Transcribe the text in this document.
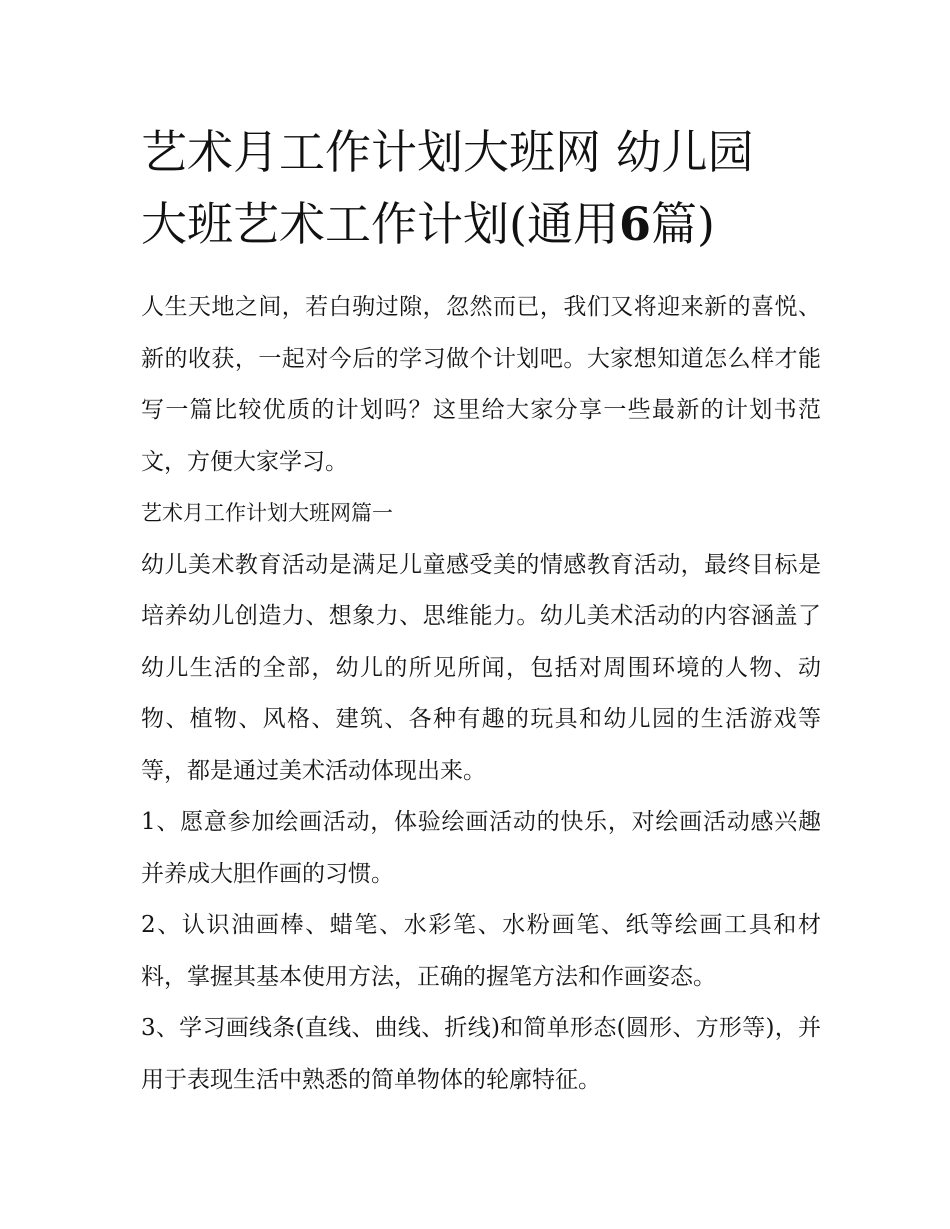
艺术月工作计划大班网 幼儿园
大班艺术工作计划(通用6篇)

人生天地之间，若白驹过隙，忽然而已，我们又将迎来新的喜悦、新的收获，一起对今后的学习做个计划吧。大家想知道怎么样才能写一篇比较优质的计划吗？这里给大家分享一些最新的计划书范文，方便大家学习。

艺术月工作计划大班网篇一

幼儿美术教育活动是满足儿童感受美的情感教育活动，最终目标是培养幼儿创造力、想象力、思维能力。幼儿美术活动的内容涵盖了幼儿生活的全部，幼儿的所见所闻，包括对周围环境的人物、动物、植物、风格、建筑、各种有趣的玩具和幼儿园的生活游戏等等，都是通过美术活动体现出来。

1、愿意参加绘画活动，体验绘画活动的快乐，对绘画活动感兴趣并养成大胆作画的习惯。

2、认识油画棒、蜡笔、水彩笔、水粉画笔、纸等绘画工具和材料，掌握其基本使用方法，正确的握笔方法和作画姿态。

3、学习画线条(直线、曲线、折线)和简单形态(圆形、方形等)，并用于表现生活中熟悉的简单物体的轮廓特征。
